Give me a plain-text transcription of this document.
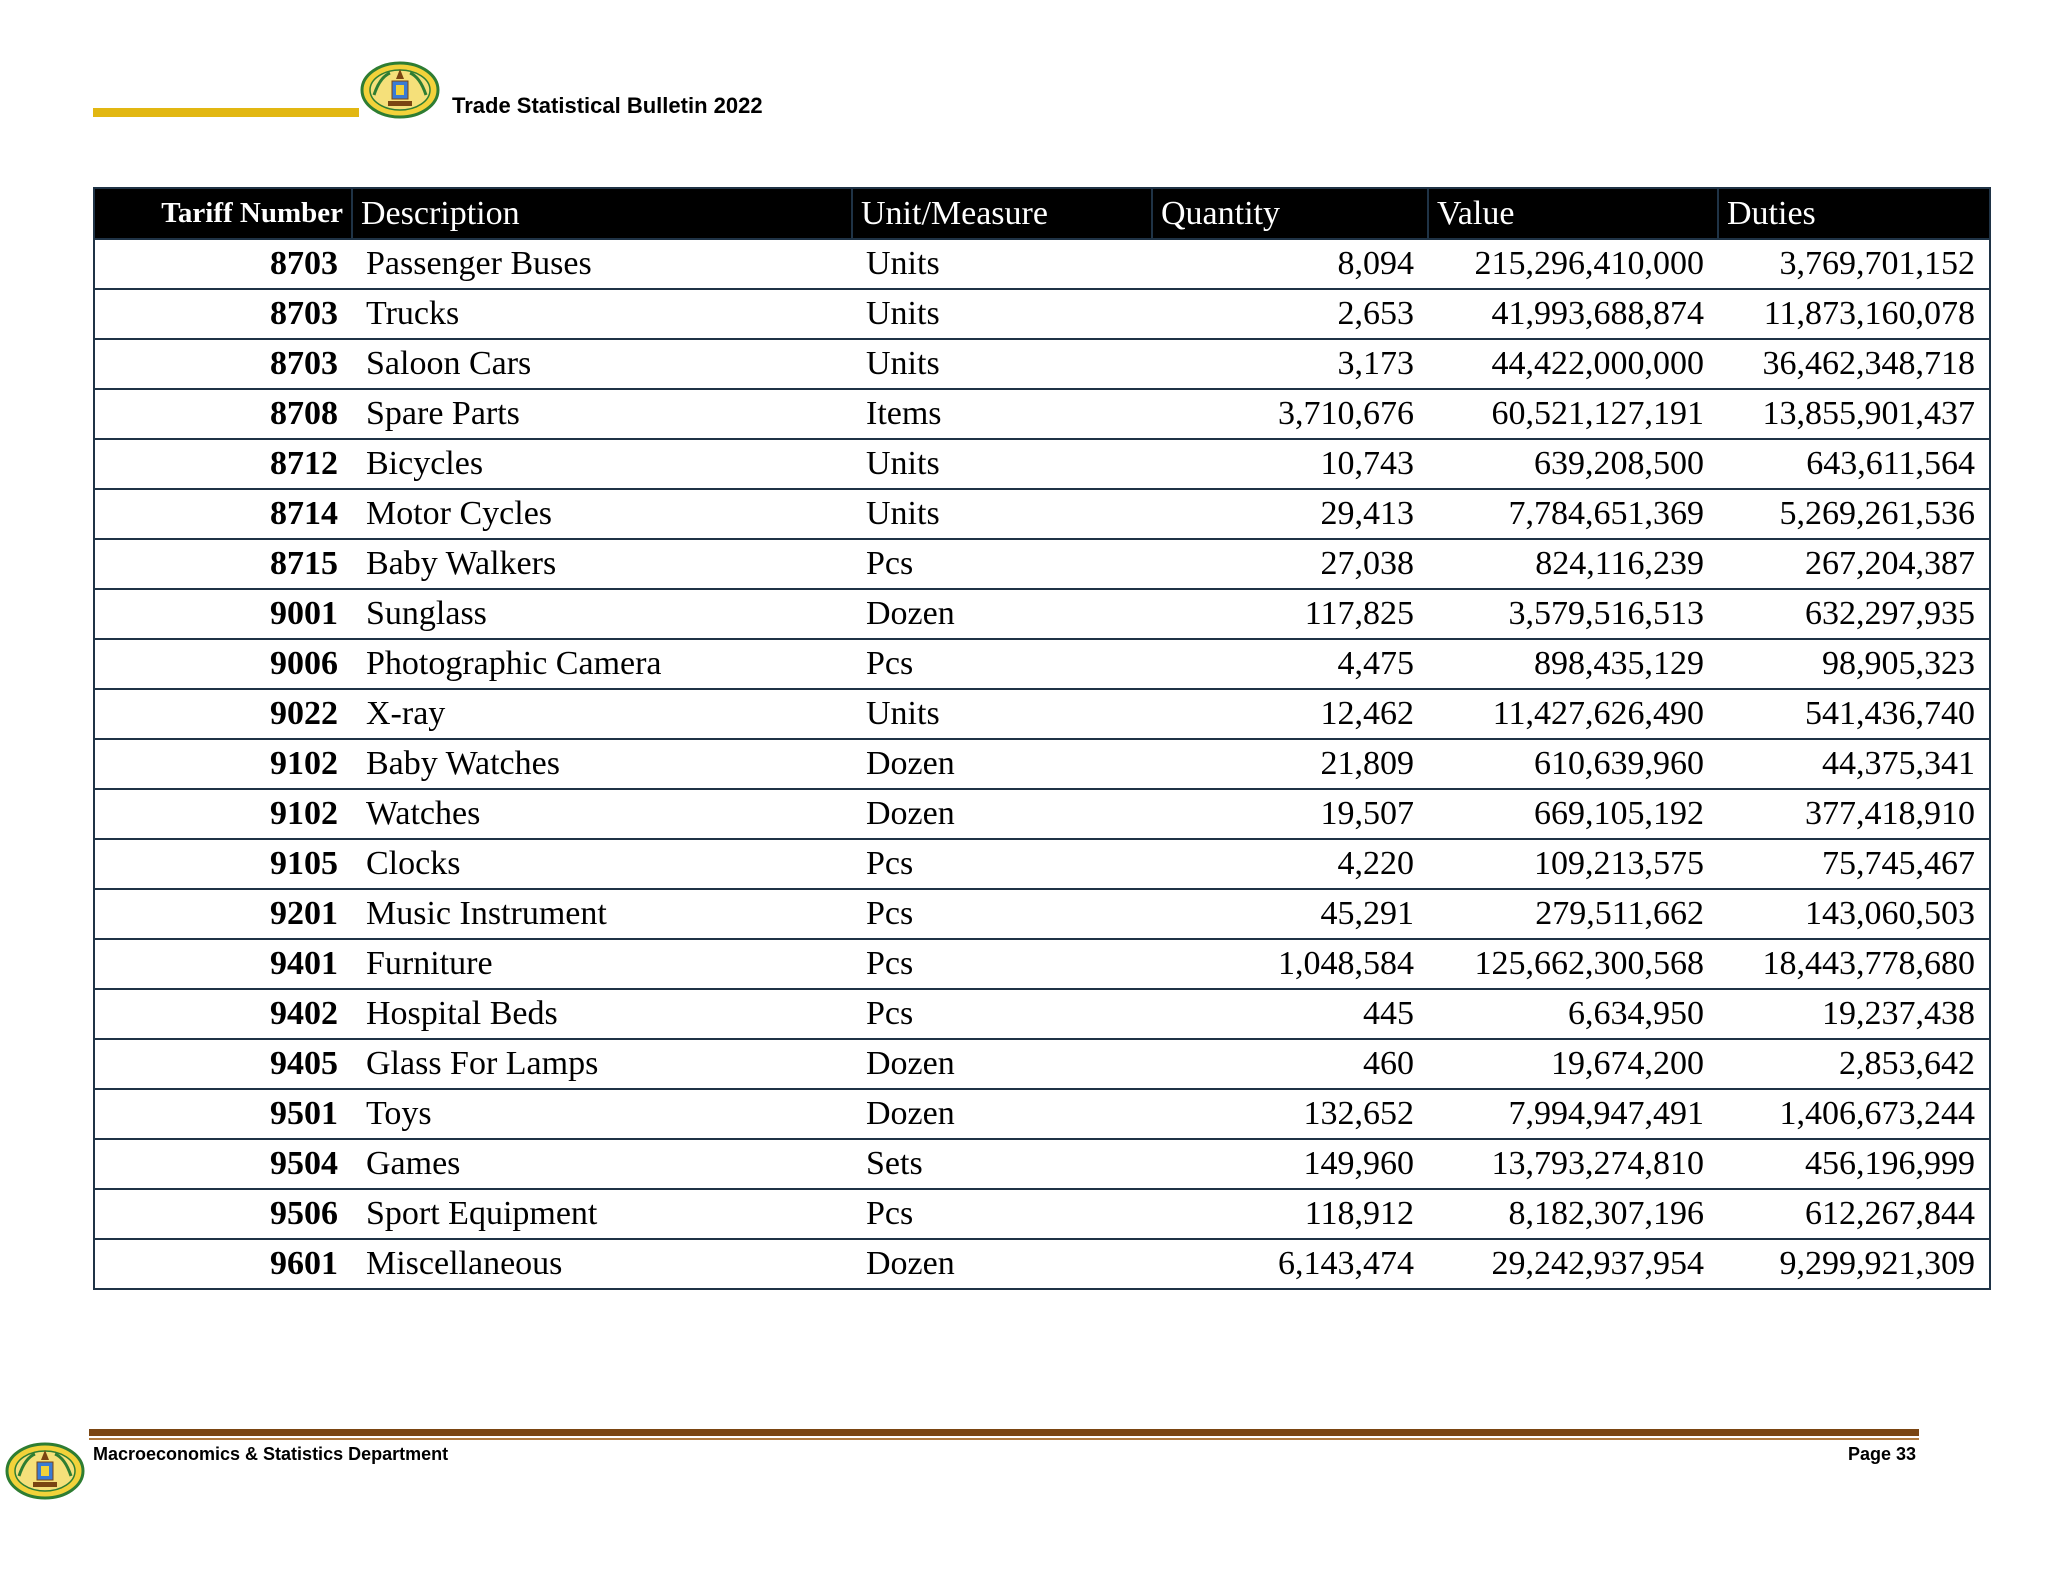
Trade Statistical Bulletin 2022
Tariff Number	Description	Unit/Measure	Quantity	Value	Duties
8703	Passenger Buses	Units	8,094	215,296,410,000	3,769,701,152
8703	Trucks	Units	2,653	41,993,688,874	11,873,160,078
8703	Saloon Cars	Units	3,173	44,422,000,000	36,462,348,718
8708	Spare Parts	Items	3,710,676	60,521,127,191	13,855,901,437
8712	Bicycles	Units	10,743	639,208,500	643,611,564
8714	Motor Cycles	Units	29,413	7,784,651,369	5,269,261,536
8715	Baby Walkers	Pcs	27,038	824,116,239	267,204,387
9001	Sunglass	Dozen	117,825	3,579,516,513	632,297,935
9006	Photographic Camera	Pcs	4,475	898,435,129	98,905,323
9022	X-ray	Units	12,462	11,427,626,490	541,436,740
9102	Baby Watches	Dozen	21,809	610,639,960	44,375,341
9102	Watches	Dozen	19,507	669,105,192	377,418,910
9105	Clocks	Pcs	4,220	109,213,575	75,745,467
9201	Music Instrument	Pcs	45,291	279,511,662	143,060,503
9401	Furniture	Pcs	1,048,584	125,662,300,568	18,443,778,680
9402	Hospital Beds	Pcs	445	6,634,950	19,237,438
9405	Glass For Lamps	Dozen	460	19,674,200	2,853,642
9501	Toys	Dozen	132,652	7,994,947,491	1,406,673,244
9504	Games	Sets	149,960	13,793,274,810	456,196,999
9506	Sport Equipment	Pcs	118,912	8,182,307,196	612,267,844
9601	Miscellaneous	Dozen	6,143,474	29,242,937,954	9,299,921,309
Macroeconomics & Statistics Department	Page 33
